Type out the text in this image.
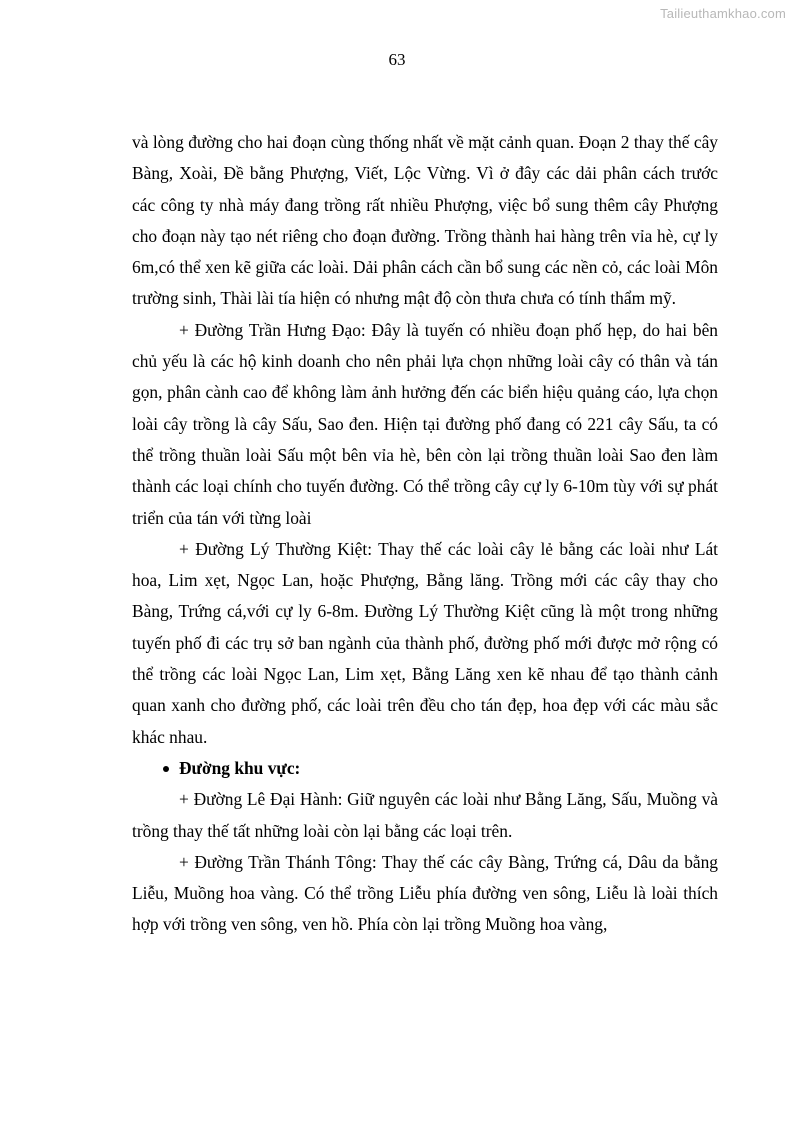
Tailieuthamkhao.com
63

và lòng đường cho hai đoạn cùng thống nhất về mặt cảnh quan. Đoạn 2 thay thế cây Bàng, Xoài, Đề bằng Phượng, Viết, Lộc Vừng. Vì ở đây các dải phân cách trước các công ty nhà máy đang trồng rất nhiều Phượng, việc bổ sung thêm cây Phượng cho đoạn này tạo nét riêng cho đoạn đường. Trồng thành hai hàng trên vỉa hè, cự ly 6m,có thể xen kẽ giữa các loài. Dải phân cách cần bổ sung các nền cỏ, các loài Môn trường sinh, Thài lài tía hiện có nhưng mật độ còn thưa chưa có tính thẩm mỹ.

+ Đường Trần Hưng Đạo: Đây là tuyến có nhiều đoạn phố hẹp, do hai bên chủ yếu là các hộ kinh doanh cho nên phải lựa chọn những loài cây có thân và tán gọn, phân cành cao để không làm ảnh hưởng đến các biển hiệu quảng cáo, lựa chọn loài cây trồng là cây Sấu, Sao đen. Hiện tại đường phố đang có 221 cây Sấu, ta có thể trồng thuần loài Sấu một bên vỉa hè, bên còn lại trồng thuần loài Sao đen làm thành các loại chính cho tuyến đường. Có thể trồng cây cự ly 6-10m tùy với sự phát triển của tán với từng loài

+ Đường Lý Thường Kiệt: Thay thế các loài cây lẻ bằng các loài như Lát hoa, Lim xẹt, Ngọc Lan, hoặc Phượng, Bằng lăng. Trồng mới các cây thay cho Bàng, Trứng cá,với cự ly 6-8m. Đường Lý Thường Kiệt cũng là một trong những tuyến phố đi các trụ sở ban ngành của thành phố, đường phố mới được mở rộng có thể trồng các loài Ngọc Lan, Lim xẹt, Bằng Lăng xen kẽ nhau để tạo thành cảnh quan xanh cho đường phố, các loài trên đều cho tán đẹp, hoa đẹp với các màu sắc khác nhau.

Đường khu vực:

+ Đường Lê Đại Hành: Giữ nguyên các loài như Bằng Lăng, Sấu, Muồng và trồng thay thế tất những loài còn lại bằng các loại trên.

+ Đường Trần Thánh Tông: Thay thế các cây Bàng, Trứng cá, Dâu da bằng Liễu, Muồng hoa vàng. Có thể trồng Liễu phía đường ven sông, Liễu là loài thích hợp với trồng ven sông, ven hồ. Phía còn lại trồng Muồng hoa vàng,
